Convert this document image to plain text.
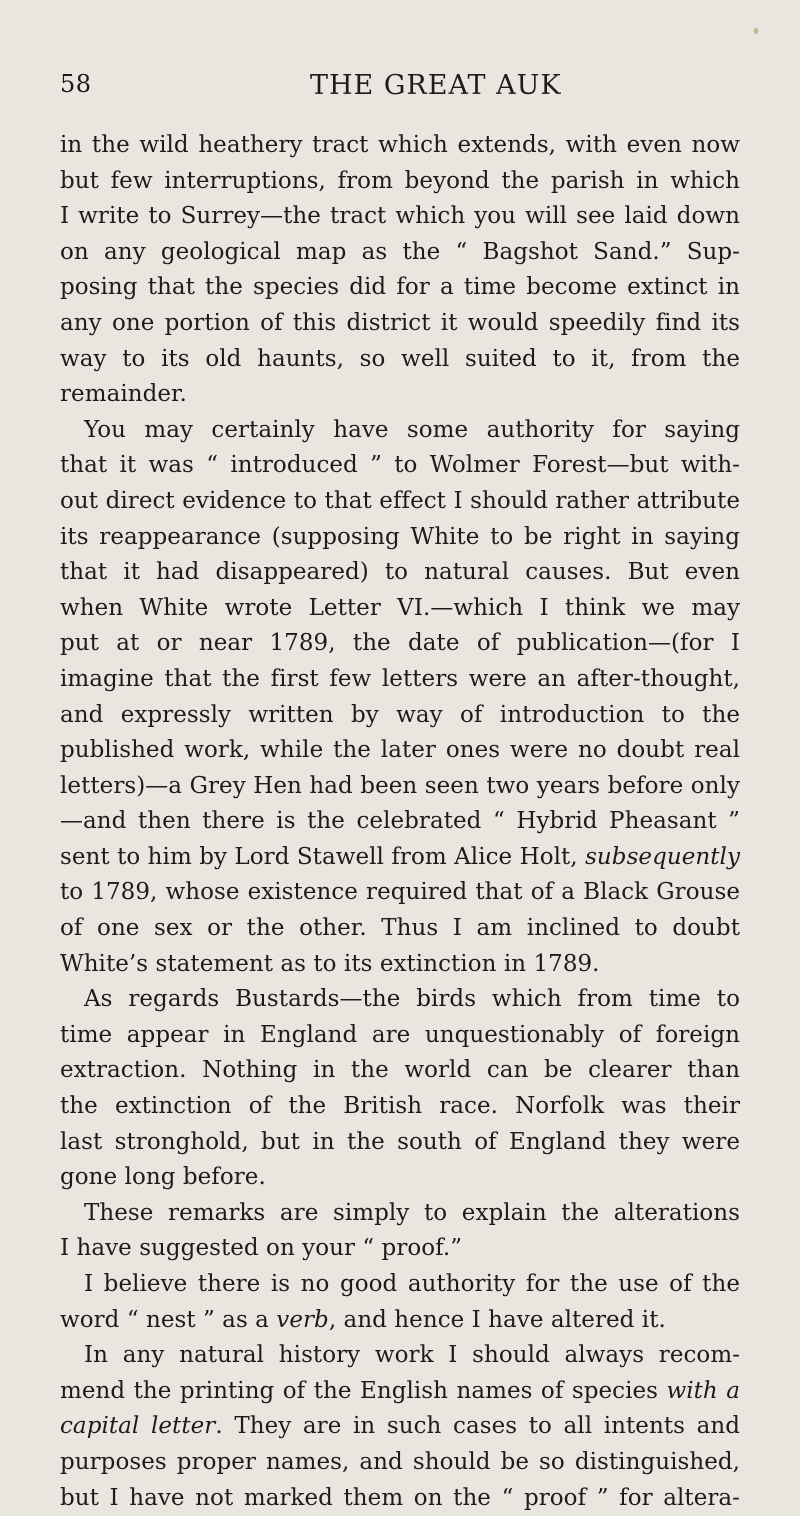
58	THE GREAT AUK
in the wild heathery tract which extends, with even now
but few interruptions, from beyond the parish in which
I write to Surrey—the tract which you will see laid down
on any geological map as the “ Bagshot Sand.” Sup-
posing that the species did for a time become extinct in
any one portion of this district it would speedily find its
way to its old haunts, so well suited to it, from the
remainder.
You may certainly have some authority for saying
that it was “ introduced ” to Wolmer Forest—but with-
out direct evidence to that effect I should rather attribute
its reappearance (supposing White to be right in saying
that it had disappeared) to natural causes. But even
when White wrote Letter VI.—which I think we may
put at or near 1789, the date of publication—(for I
imagine that the first few letters were an after-thought,
and expressly written by way of introduction to the
published work, while the later ones were no doubt real
letters)—a Grey Hen had been seen two years before only
—and then there is the celebrated “ Hybrid Pheasant ”
sent to him by Lord Stawell from Alice Holt, subsequently
to 1789, whose existence required that of a Black Grouse
of one sex or the other. Thus I am inclined to doubt
White’s statement as to its extinction in 1789.
As regards Bustards—the birds which from time to
time appear in England are unquestionably of foreign
extraction. Nothing in the world can be clearer than
the extinction of the British race. Norfolk was their
last stronghold, but in the south of England they were
gone long before.
These remarks are simply to explain the alterations
I have suggested on your “ proof.”
I believe there is no good authority for the use of the
word “ nest ” as a verb, and hence I have altered it.
In any natural history work I should always recom-
mend the printing of the English names of species with a
capital letter. They are in such cases to all intents and
purposes proper names, and should be so distinguished,
but I have not marked them on the “ proof ” for altera-
